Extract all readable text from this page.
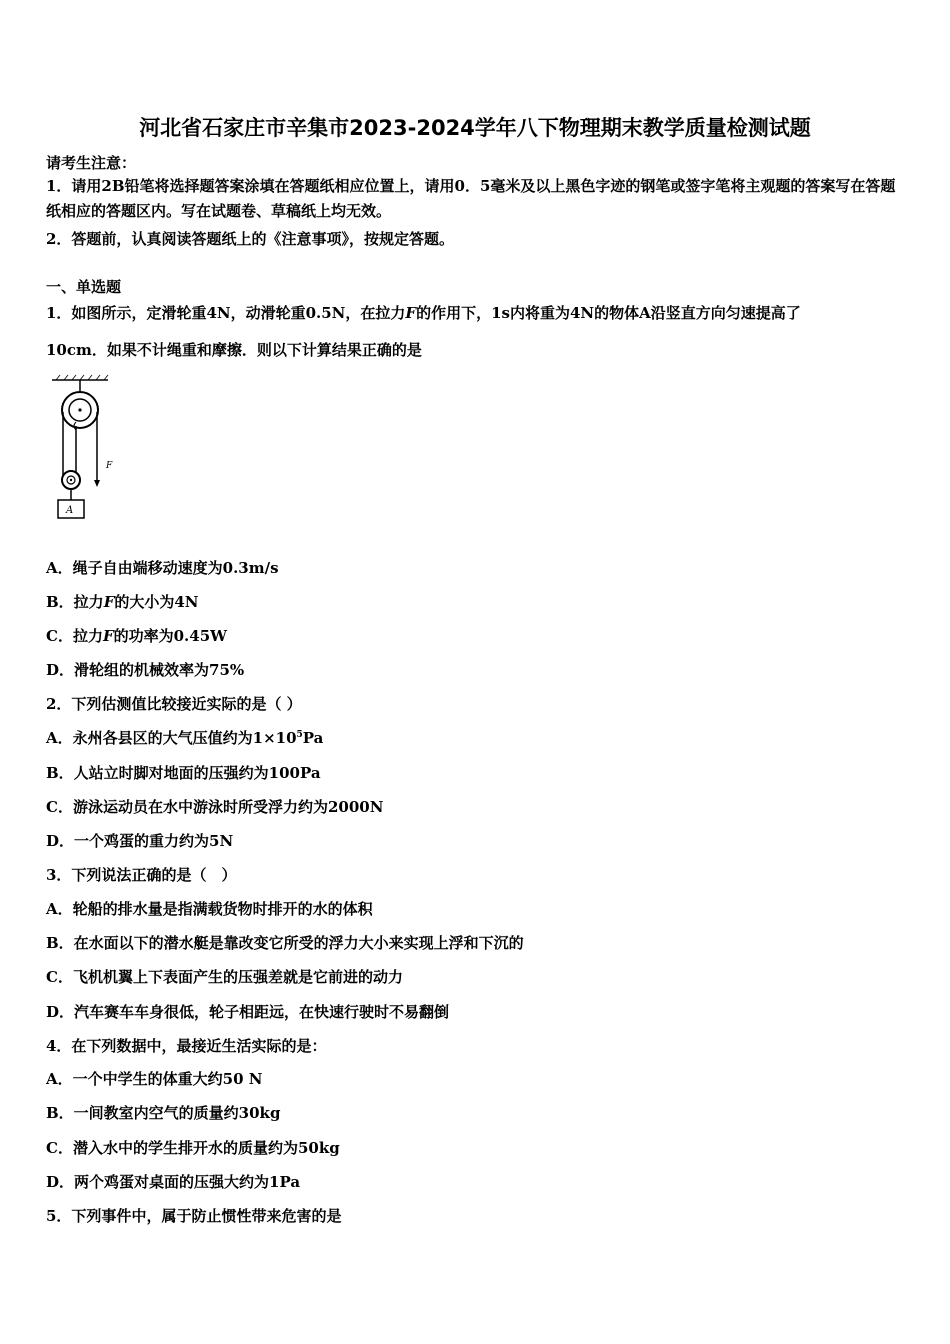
河北省石家庄市辛集市2023-2024学年八下物理期末教学质量检测试题
请考生注意：
1．请用2B铅笔将选择题答案涂填在答题纸相应位置上，请用0．5毫米及以上黑色字迹的钢笔或签字笔将主观题的答案写在答题纸相应的答题区内。写在试题卷、草稿纸上均无效。
2．答题前，认真阅读答题纸上的《注意事项》，按规定答题。
一、单选题
1．如图所示，定滑轮重4N，动滑轮重0.5N，在拉力F的作用下，1s内将重为4N的物体A沿竖直方向匀速提高了
10cm．如果不计绳重和摩擦．则以下计算结果正确的是
F
A
A．绳子自由端移动速度为0.3m/s
B．拉力F的大小为4N
C．拉力F的功率为0.45W
D．滑轮组的机械效率为75%
2．下列估测值比较接近实际的是（ ）
A．永州各县区的大气压值约为$1\times 10^5Pa$
B．人站立时脚对地面的压强约为100Pa
C．游泳运动员在水中游泳时所受浮力约为2000N
D．一个鸡蛋的重力约为5N
3．下列说法正确的是（　）
A．轮船的排水量是指满载货物时排开的水的体积
B．在水面以下的潜水艇是靠改变它所受的浮力大小来实现上浮和下沉的
C．飞机机翼上下表面产生的压强差就是它前进的动力
D．汽车赛车车身很低，轮子相距远，在快速行驶时不易翻倒
4．在下列数据中，最接近生活实际的是：
A．一个中学生的体重大约50 N
B．一间教室内空气的质量约30kg
C．潜入水中的学生排开水的质量约为50kg
D．两个鸡蛋对桌面的压强大约为1Pa
5．下列事件中，属于防止惯性带来危害的是
